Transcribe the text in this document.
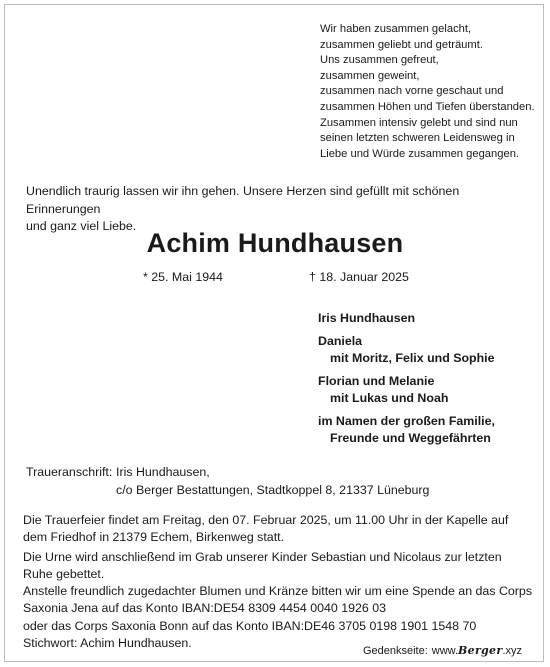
Wir haben zusammen gelacht,
zusammen geliebt und geträumt.
Uns zusammen gefreut,
zusammen geweint,
zusammen nach vorne geschaut und
zusammen Höhen und Tiefen überstanden.
Zusammen intensiv gelebt und sind nun
seinen letzten schweren Leidensweg in
Liebe und Würde zusammen gegangen.
Unendlich traurig lassen wir ihn gehen. Unsere Herzen sind gefüllt mit schönen Erinnerungen
und ganz viel Liebe.
Achim Hundhausen
* 25. Mai 1944	† 18. Januar 2025
Iris Hundhausen
Daniela
mit Moritz, Felix und Sophie
Florian und Melanie
mit Lukas und Noah
im Namen der großen Familie,
Freunde und Weggefährten
Traueranschrift: Iris Hundhausen,
c/o Berger Bestattungen, Stadtkoppel 8, 21337 Lüneburg
Die Trauerfeier findet am Freitag, den 07. Februar 2025, um 11.00 Uhr in der Kapelle auf
dem Friedhof in 21379 Echem, Birkenweg statt.
Die Urne wird anschließend im Grab unserer Kinder Sebastian und Nicolaus zur letzten
Ruhe gebettet.
Anstelle freundlich zugedachter Blumen und Kränze bitten wir um eine Spende an das Corps
Saxonia Jena auf das Konto IBAN:DE54 8309 4454 0040 1926 03
oder das Corps Saxonia Bonn auf das Konto IBAN:DE46 3705 0198 1901 1548 70
Stichwort: Achim Hundhausen.
Gedenkseite: www.Berger.xyz
